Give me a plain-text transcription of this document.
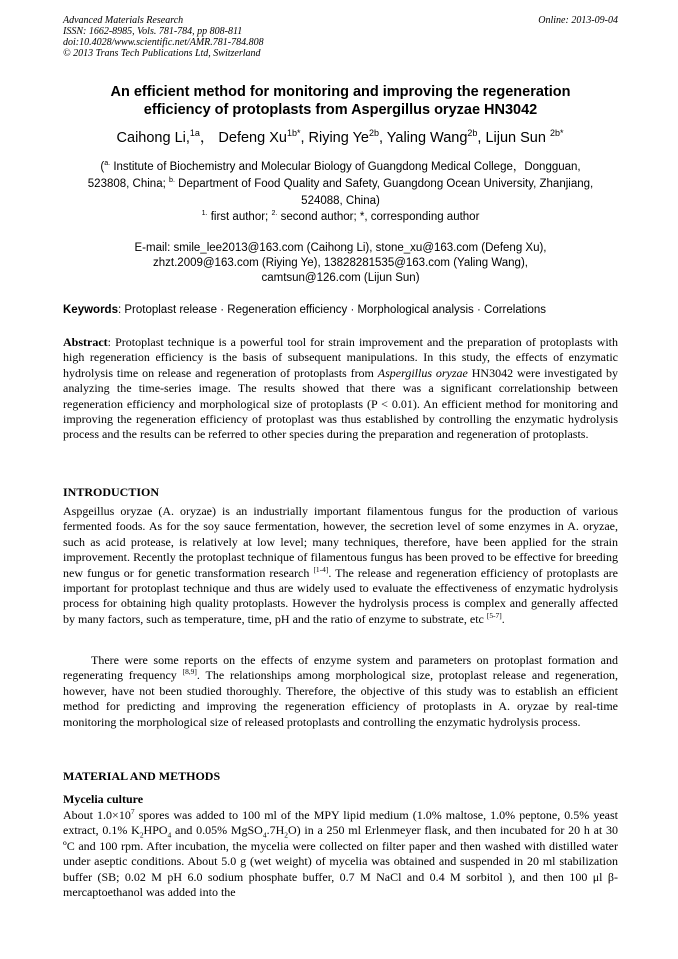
Advanced Materials Research
ISSN: 1662-8985, Vols. 781-784, pp 808-811
doi:10.4028/www.scientific.net/AMR.781-784.808
© 2013 Trans Tech Publications Ltd, Switzerland
Online: 2013-09-04
An efficient method for monitoring and improving the regeneration
efficiency of protoplasts from Aspergillus oryzae HN3042
Caihong Li,$^{1a}$， Defeng $Xu^{1b*}$, Riying $Ye^{2b}$, Yaling Wang$^{2b}$, Lijun Sun $^{2b*}$
($^{a.}$ Institute of Biochemistry and Molecular Biology of Guangdong Medical College，Dongguan,
523808, China; $^{b.}$ Department of Food Quality and Safety, Guangdong Ocean University, Zhanjiang,
524088, China)
$^{1.}$ first author; $^{2.}$ second author; *, corresponding author
E-mail: smile_lee2013@163.com (Caihong Li), stone_xu@163.com (Defeng Xu),
zhzt.2009@163.com (Riying Ye), 13828281535@163.com (Yaling Wang),
camtsun@126.com (Lijun Sun)
Keywords: Protoplast release · Regeneration efficiency · Morphological analysis · Correlations
Abstract: Protoplast technique is a powerful tool for strain improvement and the preparation of protoplasts with high regeneration efficiency is the basis of subsequent manipulations. In this study, the effects of enzymatic hydrolysis time on release and regeneration of protoplasts from Aspergillus oryzae HN3042 were investigated by analyzing the time-series image. The results showed that there was a significant correlationship between regeneration efficiency and morphological size of protoplasts (P < 0.01). An efficient method for monitoring and improving the regeneration efficiency of protoplast was thus established by controlling the enzymatic hydrolysis process and the results can be referred to other species during the preparation and regeneration of protoplasts.
INTRODUCTION
Aspgeillus oryzae (A. oryzae) is an industrially important filamentous fungus for the production of various fermented foods. As for the soy sauce fermentation, however, the secretion level of some enzymes in A. oryzae, such as acid protease, is relatively at low level; many techniques, therefore, have been applied for the strain improvement. Recently the protoplast technique of filamentous fungus has been proved to be effective for breeding new fungus or for genetic transformation research [1-4]. The release and regeneration efficiency of protoplasts are important for protoplast technique and thus are widely used to evaluate the effectiveness of enzymatic hydrolysis process for obtaining high quality protoplasts. However the hydrolysis process is complex and generally affected by many factors, such as temperature, time, pH and the ratio of enzyme to substrate, etc [5-7].
There were some reports on the effects of enzyme system and parameters on protoplast formation and regenerating frequency [8,9]. The relationships among morphological size, protoplast release and regeneration, however, have not been studied thoroughly. Therefore, the objective of this study was to establish an efficient method for predicting and improving the regeneration efficiency of protoplasts in A. oryzae by real-time monitoring the morphological size of released protoplasts and controlling the enzymatic hydrolysis process.
MATERIAL AND METHODS
Mycelia culture
About $1.0\times 10^7$ spores was added to 100 ml of the MPY lipid medium (1.0% maltose, 1.0% peptone, 0.5% yeast extract, 0.1% $K_2HPO_4$ and 0.05% $MgSO_4.7H_2O$) in a 250 ml Erlenmeyer flask, and then incubated for 20 h at 30 ºC and 100 rpm. After incubation, the mycelia were collected on filter paper and then washed with distilled water under aseptic conditions. About 5.0 g (wet weight) of mycelia was obtained and suspended in 20 ml stabilization buffer (SB; 0.02 M pH 6.0 sodium phosphate buffer, 0.7 M NaCl and 0.4 M sorbitol ), and then 100 μl β- mercaptoethanol was added into the
